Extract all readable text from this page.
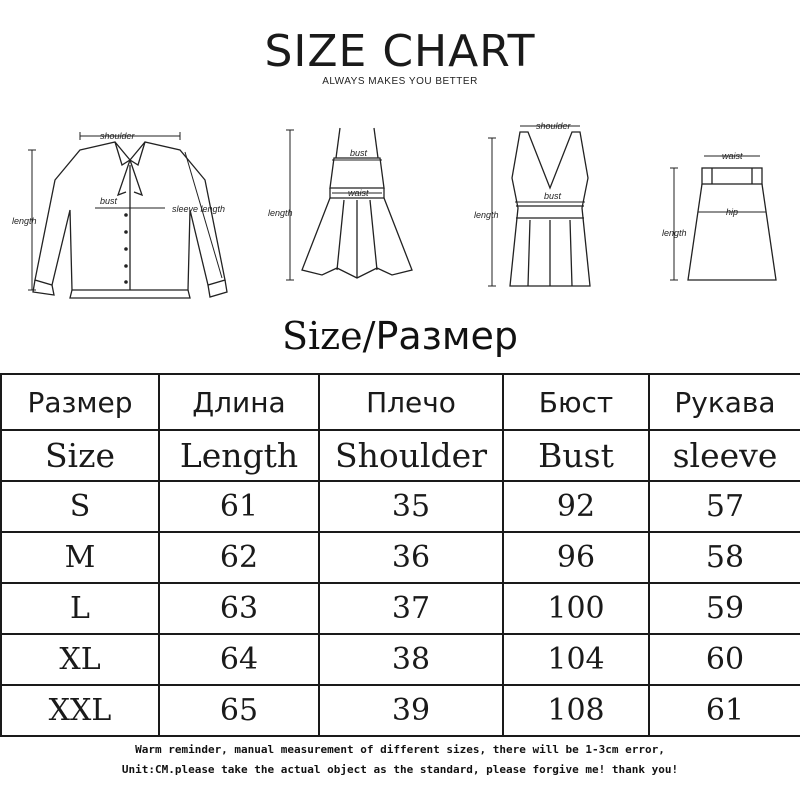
SIZE CHART
ALWAYS MAKES YOU BETTER
shoulder
length
bust
sleeve length
bust
waist
length
shoulder
bust
length
waist
hip
length
Size/Размер
Размер	Длина	Плечо	Бюст	Рукава
Size	Length	Shoulder	Bust	sleeve
S	61	35	92	57
M	62	36	96	58
L	63	37	100	59
XL	64	38	104	60
XXL	65	39	108	61
Warm reminder, manual measurement of different sizes, there will be 1-3cm error,
Unit:CM.please take the actual object as the standard, please forgive me! thank you!
